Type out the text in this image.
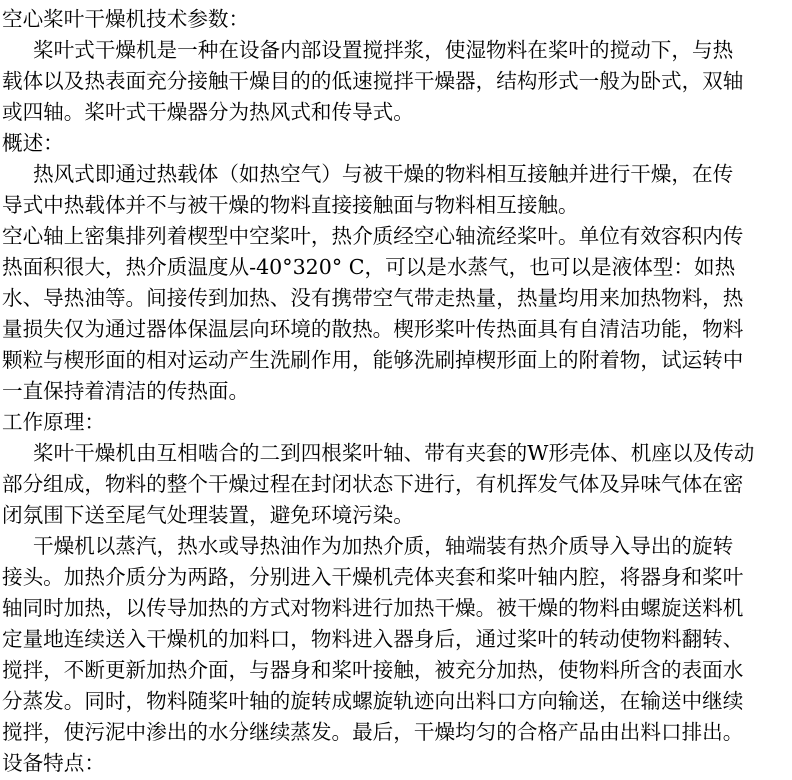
空心桨叶干燥机技术参数：

桨叶式干燥机是一种在设备内部设置搅拌浆，使湿物料在桨叶的搅动下，与热

载体以及热表面充分接触干燥目的的低速搅拌干燥器，结构形式一般为卧式，双轴

或四轴。桨叶式干燥器分为热风式和传导式。

概述：

热风式即通过热载体（如热空气）与被干燥的物料相互接触并进行干燥，在传

导式中热载体并不与被干燥的物料直接接触面与物料相互接触。

空心轴上密集排列着楔型中空桨叶，热介质经空心轴流经桨叶。单位有效容积内传

热面积很大，热介质温度从-40°320° C，可以是水蒸气，也可以是液体型：如热

水、导热油等。间接传到加热、没有携带空气带走热量，热量均用来加热物料，热

量损失仅为通过器体保温层向环境的散热。楔形桨叶传热面具有自清洁功能，物料

颗粒与楔形面的相对运动产生洗刷作用，能够洗刷掉楔形面上的附着物，试运转中

一直保持着清洁的传热面。

工作原理：

桨叶干燥机由互相啮合的二到四根桨叶轴、带有夹套的W形壳体、机座以及传动

部分组成，物料的整个干燥过程在封闭状态下进行，有机挥发气体及异味气体在密

闭氛围下送至尾气处理装置，避免环境污染。

干燥机以蒸汽，热水或导热油作为加热介质，轴端装有热介质导入导出的旋转

接头。加热介质分为两路，分别进入干燥机壳体夹套和桨叶轴内腔，将器身和桨叶

轴同时加热，以传导加热的方式对物料进行加热干燥。被干燥的物料由螺旋送料机

定量地连续送入干燥机的加料口，物料进入器身后，通过桨叶的转动使物料翻转、

搅拌，不断更新加热介面，与器身和桨叶接触，被充分加热，使物料所含的表面水

分蒸发。同时，物料随桨叶轴的旋转成螺旋轨迹向出料口方向输送，在输送中继续

搅拌，使污泥中渗出的水分继续蒸发。最后，干燥均匀的合格产品由出料口排出。

设备特点：
